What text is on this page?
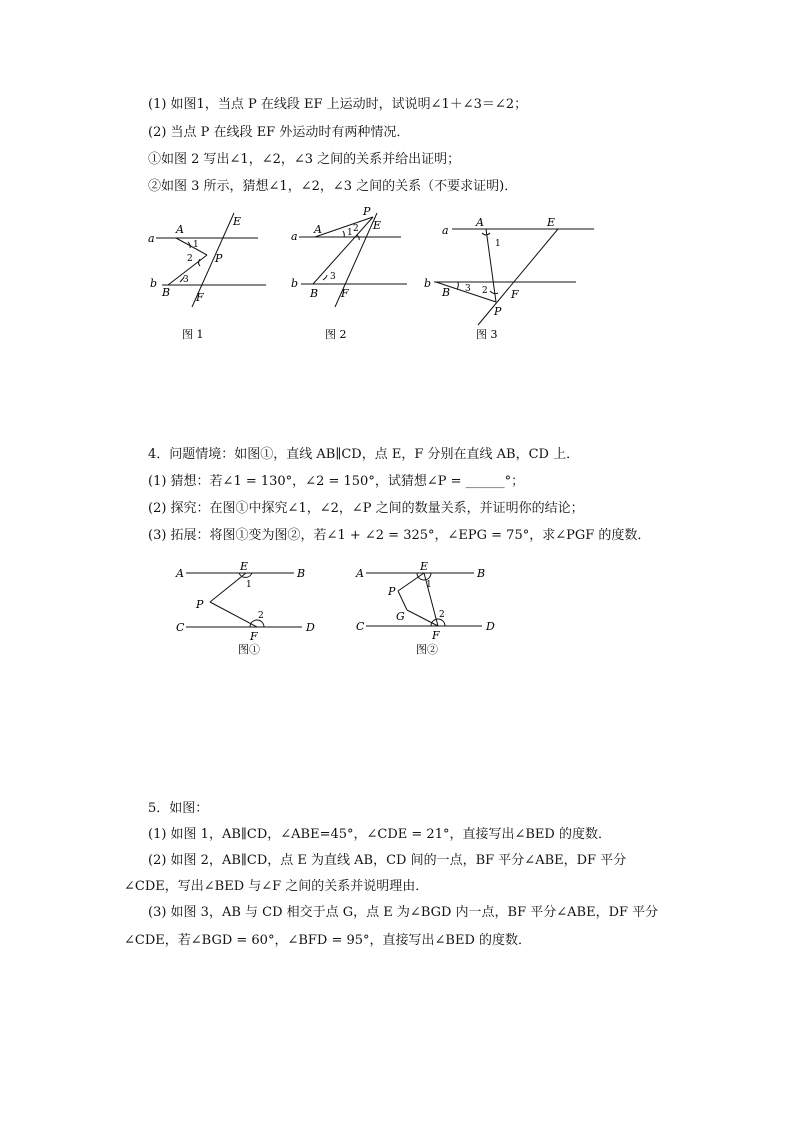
(1) 如图1，当点 P 在线段 EF 上运动时，试说明∠1＋∠3＝∠2；
(2) 当点 P 在线段 EF 外运动时有两种情况．
①如图 2 写出∠1，∠2，∠3 之间的关系并给出证明；
②如图 3 所示，猜想∠1，∠2，∠3 之间的关系（不要求证明)．
a
A
E
1
2 P
3
b
B F
图 1
a
A
P
1 2 E
3
b
B F
图 2
a
A	E
1
b
B 3 2 F
P
图 3
4．问题情境：如图①，直线 AB∥CD，点 E，F 分别在直线 AB，CD 上．
(1) 猜想：若∠1 = 130°，∠2 = 150°，试猜想∠P = ______°；
(2) 探究：在图①中探究∠1，∠2，∠P 之间的数量关系，并证明你的结论；
(3) 拓展：将图①变为图②，若∠1 + ∠2 = 325°，∠EPG = 75°，求∠PGF 的度数．
A
E
B
1
P
2
C
F
D
图①
A
E
B
1
P
G	2
C
F
D
图②
5．如图：
(1) 如图 1，AB∥CD，∠ABE=45°，∠CDE = 21°，直接写出∠BED 的度数．
(2) 如图 2，AB∥CD，点 E 为直线 AB，CD 间的一点，BF 平分∠ABE，DF 平分
∠CDE，写出∠BED 与∠F 之间的关系并说明理由．
(3) 如图 3，AB 与 CD 相交于点 G，点 E 为∠BGD 内一点，BF 平分∠ABE，DF 平分
∠CDE，若∠BGD = 60°，∠BFD = 95°，直接写出∠BED 的度数．
